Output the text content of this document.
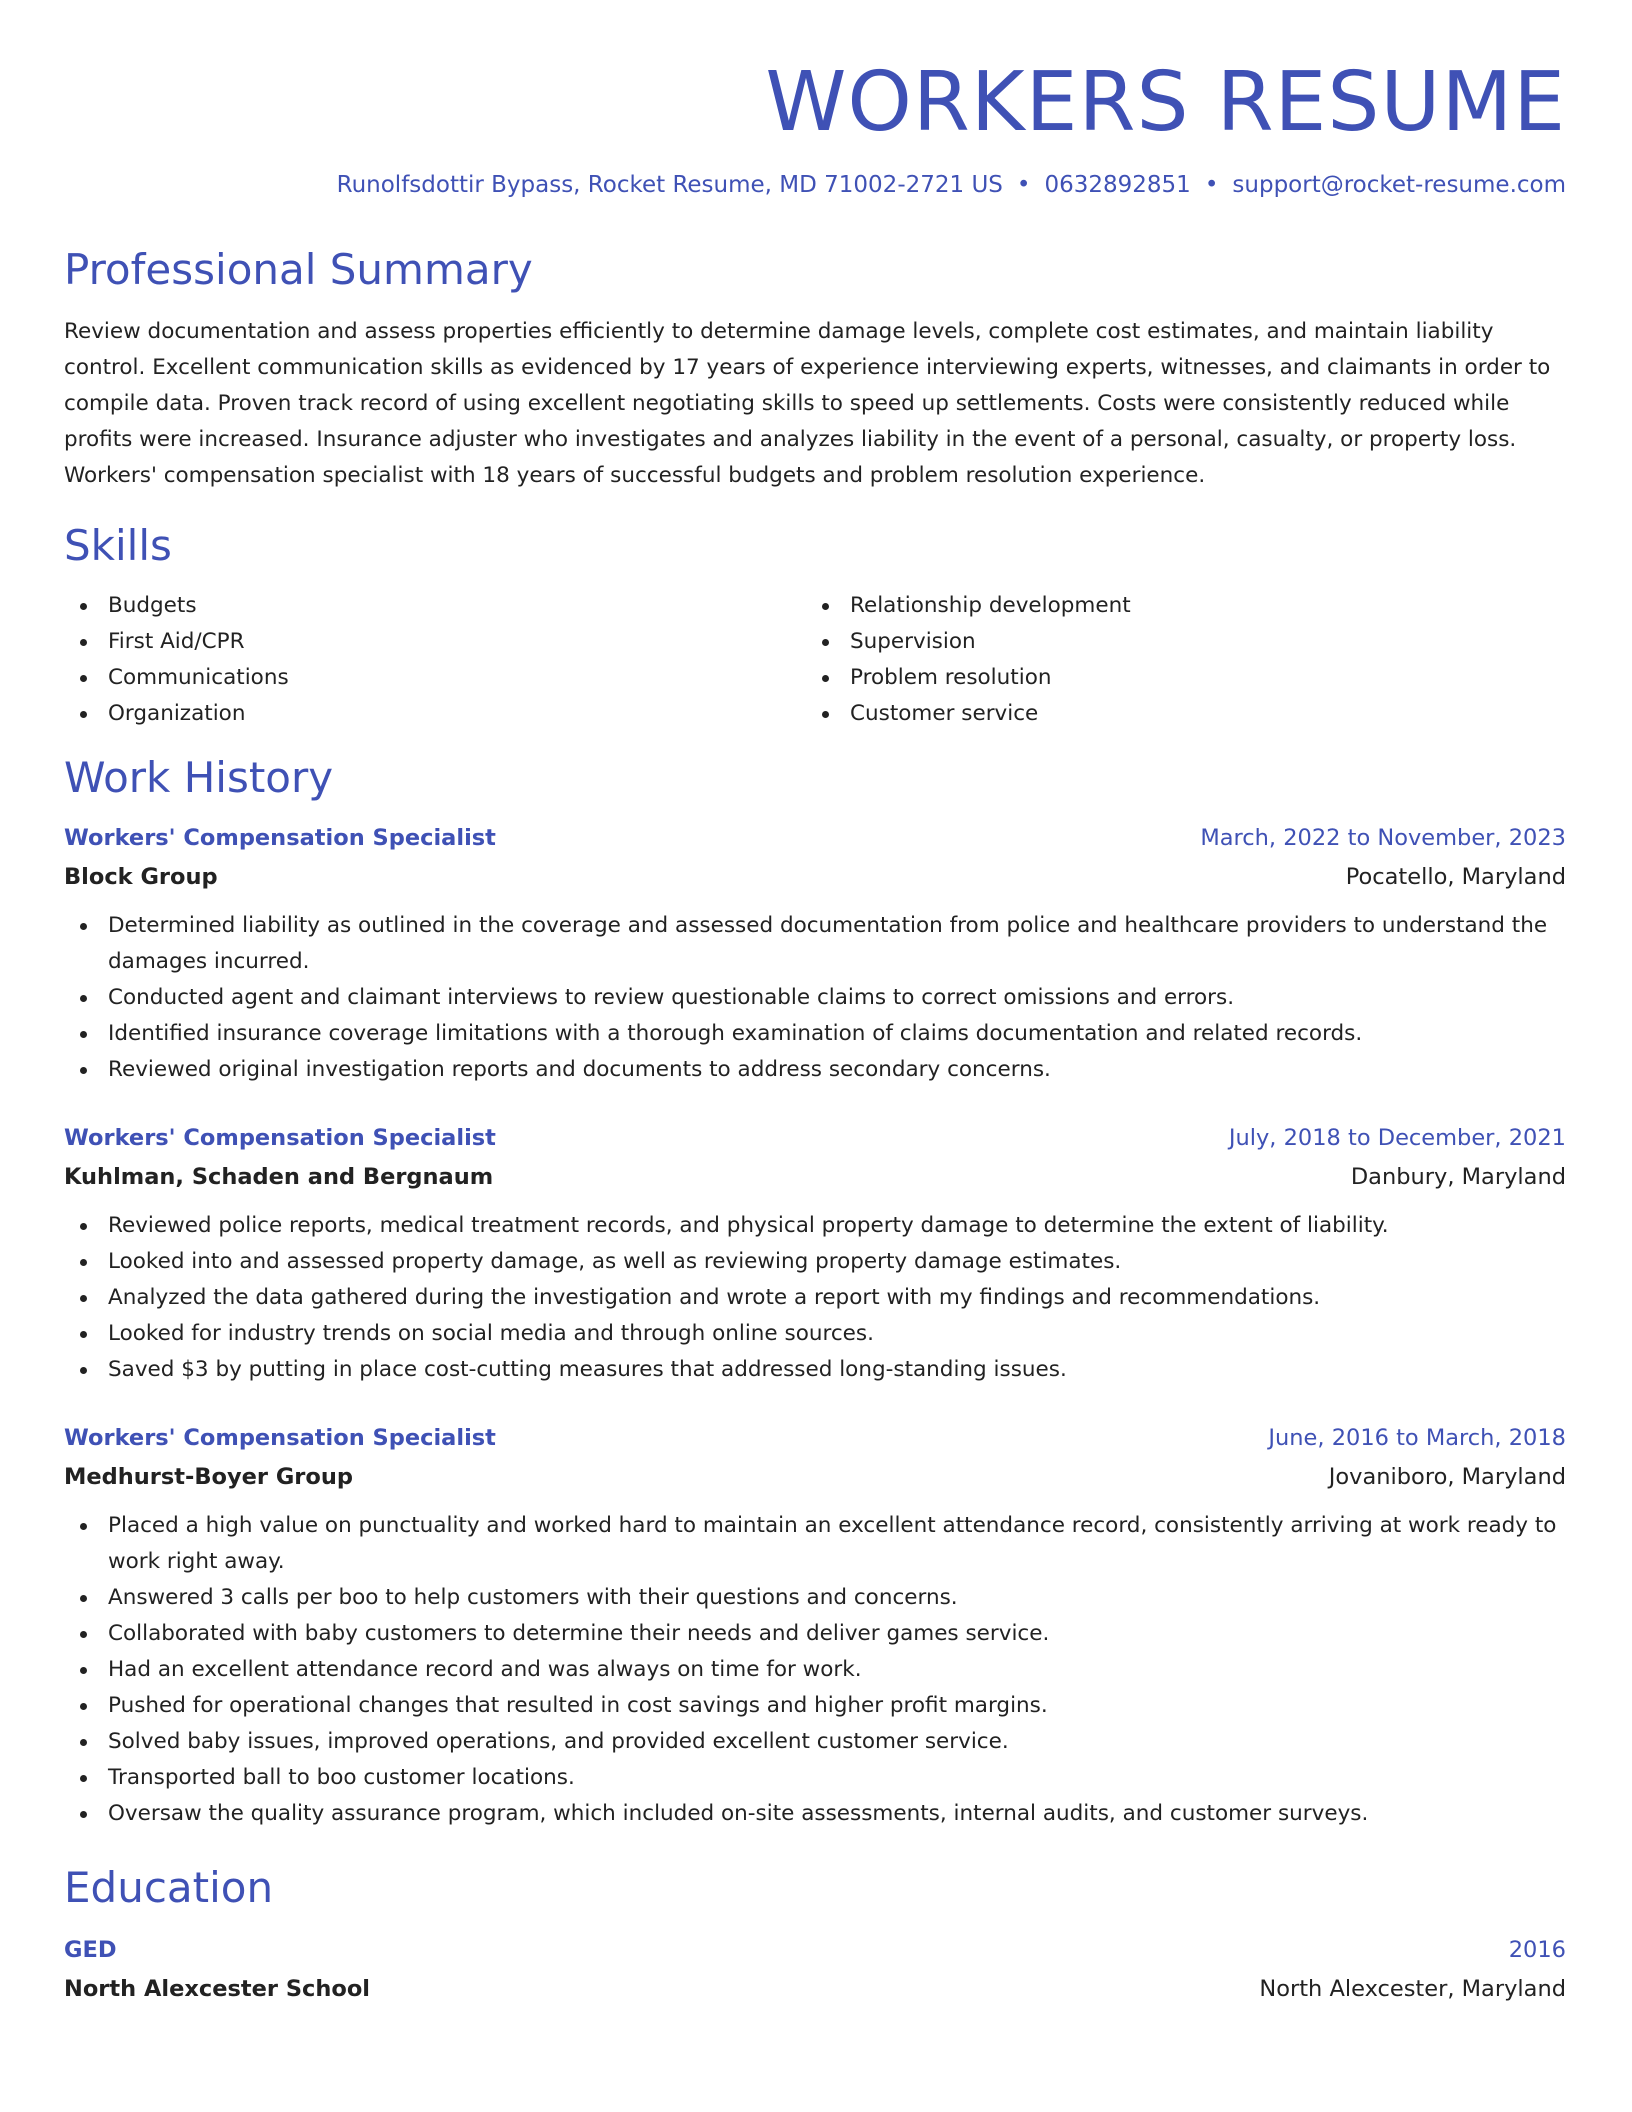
WORKERS RESUME
Runolfsdottir Bypass, Rocket Resume, MD 71002-2721 US • 0632892851 • support@rocket-resume.com
Professional Summary

Review documentation and assess properties efficiently to determine damage levels, complete cost estimates, and maintain liability control. Excellent communication skills as evidenced by 17 years of experience interviewing experts, witnesses, and claimants in order to compile data. Proven track record of using excellent negotiating skills to speed up settlements. Costs were consistently reduced while profits were increased. Insurance adjuster who investigates and analyzes liability in the event of a personal, casualty, or property loss. Workers' compensation specialist with 18 years of successful budgets and problem resolution experience.

Skills
Budgets
First Aid/CPR
Communications
Organization
Relationship development
Supervision
Problem resolution
Customer service
Work History
Workers' Compensation Specialist	March, 2022 to November, 2023
Block Group	Pocatello, Maryland
Determined liability as outlined in the coverage and assessed documentation from police and healthcare providers to understand the damages incurred.
Conducted agent and claimant interviews to review questionable claims to correct omissions and errors.
Identified insurance coverage limitations with a thorough examination of claims documentation and related records.
Reviewed original investigation reports and documents to address secondary concerns.
Workers' Compensation Specialist	July, 2018 to December, 2021
Kuhlman, Schaden and Bergnaum	Danbury, Maryland
Reviewed police reports, medical treatment records, and physical property damage to determine the extent of liability.
Looked into and assessed property damage, as well as reviewing property damage estimates.
Analyzed the data gathered during the investigation and wrote a report with my findings and recommendations.
Looked for industry trends on social media and through online sources.
Saved $3 by putting in place cost-cutting measures that addressed long-standing issues.
Workers' Compensation Specialist	June, 2016 to March, 2018
Medhurst-Boyer Group	Jovaniboro, Maryland
Placed a high value on punctuality and worked hard to maintain an excellent attendance record, consistently arriving at work ready to work right away.
Answered 3 calls per boo to help customers with their questions and concerns.
Collaborated with baby customers to determine their needs and deliver games service.
Had an excellent attendance record and was always on time for work.
Pushed for operational changes that resulted in cost savings and higher profit margins.
Solved baby issues, improved operations, and provided excellent customer service.
Transported ball to boo customer locations.
Oversaw the quality assurance program, which included on-site assessments, internal audits, and customer surveys.
Education
GED	2016
North Alexcester School	North Alexcester, Maryland
